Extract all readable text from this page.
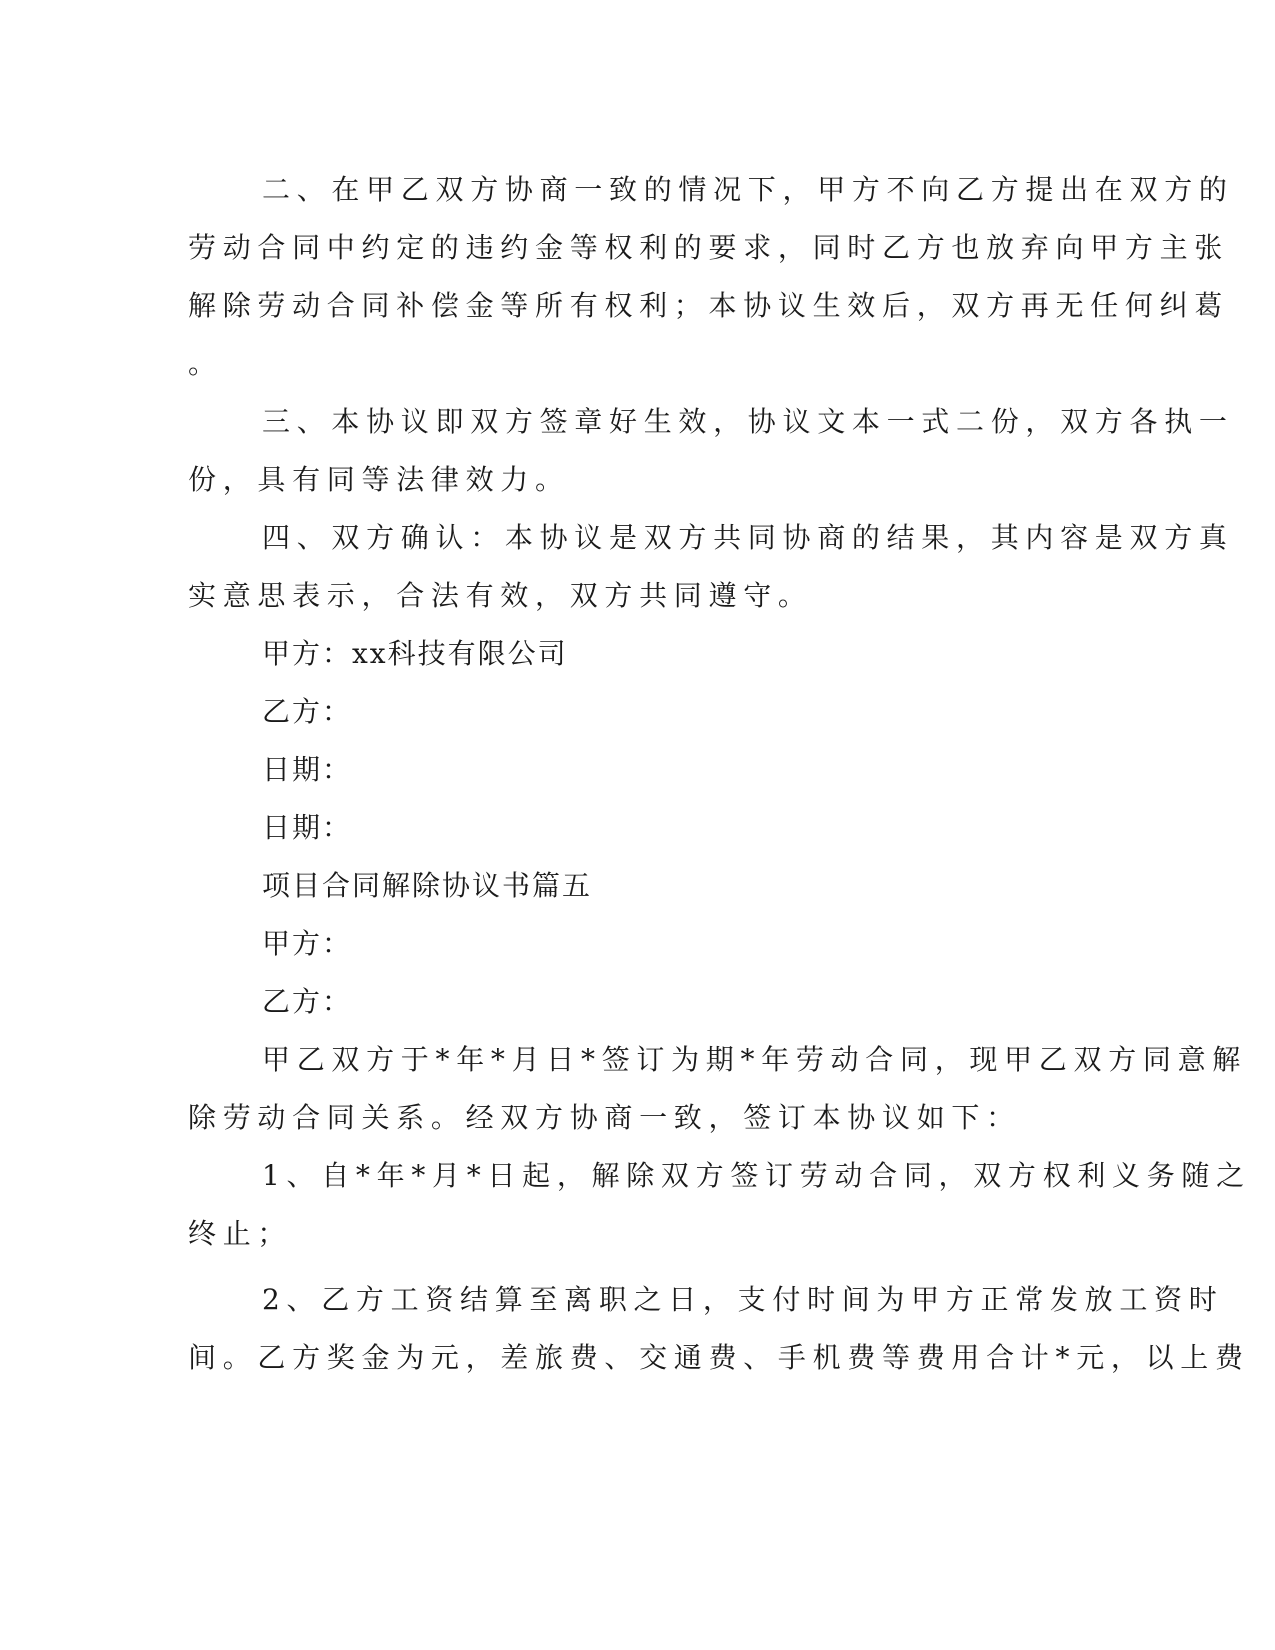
二、在甲乙双方协商一致的情况下，甲方不向乙方提出在双方的

劳动合同中约定的违约金等权利的要求，同时乙方也放弃向甲方主张

解除劳动合同补偿金等所有权利；本协议生效后，双方再无任何纠葛

。

三、本协议即双方签章好生效，协议文本一式二份，双方各执一

份，具有同等法律效力。

四、双方确认：本协议是双方共同协商的结果，其内容是双方真

实意思表示，合法有效，双方共同遵守。

甲方：xx科技有限公司

乙方：

日期：

日期：

项目合同解除协议书篇五

甲方：

乙方：

甲乙双方于*年*月日*签订为期*年劳动合同，现甲乙双方同意解

除劳动合同关系。经双方协商一致，签订本协议如下：

1、自*年*月*日起，解除双方签订劳动合同，双方权利义务随之

终止；

2、乙方工资结算至离职之日，支付时间为甲方正常发放工资时

间。乙方奖金为元，差旅费、交通费、手机费等费用合计*元，以上费
